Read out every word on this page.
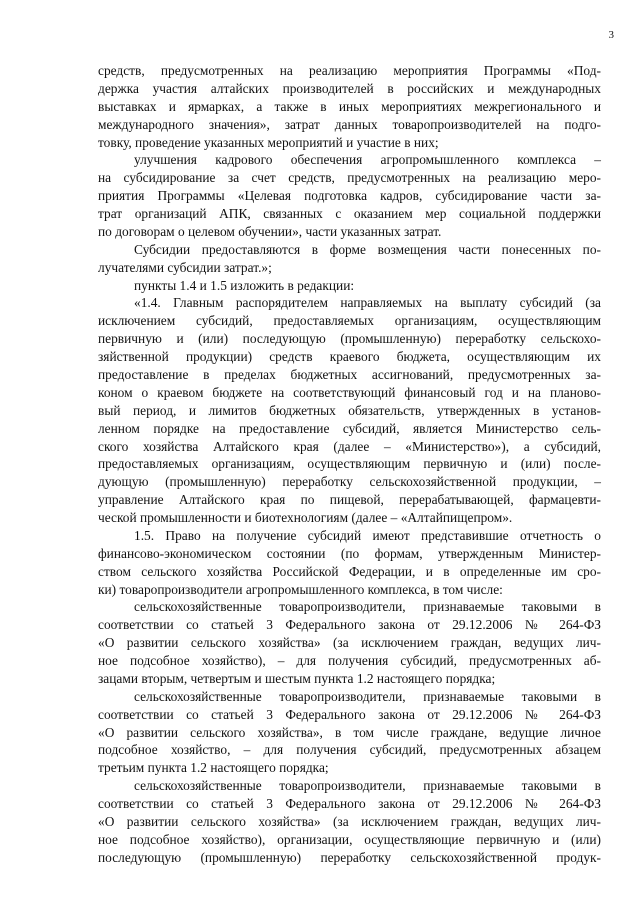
3
средств, предусмотренных на реализацию мероприятия Программы «Под-
держка участия алтайских производителей в российских и международных
выставках и ярмарках, а также в иных мероприятиях межрегионального и
международного значения», затрат данных товаропроизводителей на подго-
товку, проведение указанных мероприятий и участие в них;
улучшения кадрового обеспечения агропромышленного комплекса –
на субсидирование за счет средств, предусмотренных на реализацию меро-
приятия Программы «Целевая подготовка кадров, субсидирование части за-
трат организаций АПК, связанных с оказанием мер социальной поддержки
по договорам о целевом обучении», части указанных затрат.
Субсидии предоставляются в форме возмещения части понесенных по-
лучателями субсидии затрат.»;
пункты 1.4 и 1.5 изложить в редакции:
«1.4. Главным распорядителем направляемых на выплату субсидий (за
исключением субсидий, предоставляемых организациям, осуществляющим
первичную и (или) последующую (промышленную) переработку сельскохо-
зяйственной продукции) средств краевого бюджета, осуществляющим их
предоставление в пределах бюджетных ассигнований, предусмотренных за-
коном о краевом бюджете на соответствующий финансовый год и на планово-
вый период, и лимитов бюджетных обязательств, утвержденных в установ-
ленном порядке на предоставление субсидий, является Министерство сель-
ского хозяйства Алтайского края (далее – «Министерство»), а субсидий,
предоставляемых организациям, осуществляющим первичную и (или) после-
дующую (промышленную) переработку сельскохозяйственной продукции, –
управление Алтайского края по пищевой, перерабатывающей, фармацевти-
ческой промышленности и биотехнологиям (далее – «Алтайпищепром».
1.5. Право на получение субсидий имеют представившие отчетность о
финансово-экономическом состоянии (по формам, утвержденным Министер-
ством сельского хозяйства Российской Федерации, и в определенные им сро-
ки) товаропроизводители агропромышленного комплекса, в том числе:
сельскохозяйственные товаропроизводители, признаваемые таковыми в
соответствии со статьей 3 Федерального закона от 29.12.2006 № 264-ФЗ
«О развитии сельского хозяйства» (за исключением граждан, ведущих лич-
ное подсобное хозяйство), – для получения субсидий, предусмотренных аб-
зацами вторым, четвертым и шестым пункта 1.2 настоящего порядка;
сельскохозяйственные товаропроизводители, признаваемые таковыми в
соответствии со статьей 3 Федерального закона от 29.12.2006 № 264-ФЗ
«О развитии сельского хозяйства», в том числе граждане, ведущие личное
подсобное хозяйство, – для получения субсидий, предусмотренных абзацем
третьим пункта 1.2 настоящего порядка;
сельскохозяйственные товаропроизводители, признаваемые таковыми в
соответствии со статьей 3 Федерального закона от 29.12.2006 № 264-ФЗ
«О развитии сельского хозяйства» (за исключением граждан, ведущих лич-
ное подсобное хозяйство), организации, осуществляющие первичную и (или)
последующую (промышленную) переработку сельскохозяйственной продук-
